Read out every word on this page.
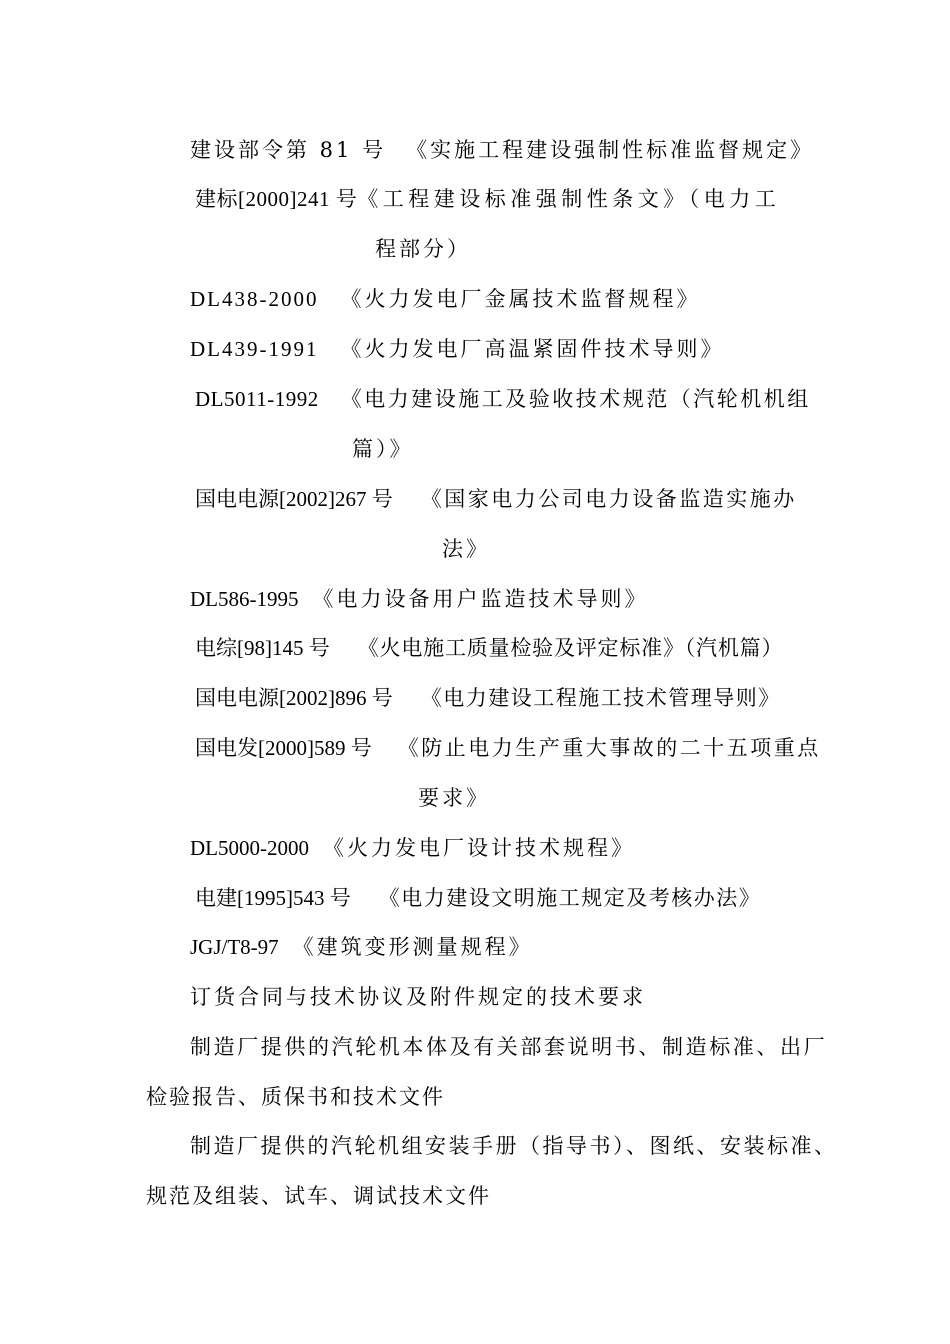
建设部令第 81 号 《实施工程建设强制性标准监督规定》
建标[2000]241 号《工程建设标准强制性条文》（电力工
程部分）
DL438-2000 《火力发电厂金属技术监督规程》
DL439-1991 《火力发电厂高温紧固件技术导则》
DL5011-1992 《电力建设施工及验收技术规范（汽轮机机组
篇）》
国电电源[2002]267 号 《国家电力公司电力设备监造实施办
法》
DL586-1995 《电力设备用户监造技术导则》
电综[98]145 号 《火电施工质量检验及评定标准》（汽机篇）
国电电源[2002]896 号 《电力建设工程施工技术管理导则》
国电发[2000]589 号 《防止电力生产重大事故的二十五项重点
要求》
DL5000-2000 《火力发电厂设计技术规程》
电建[1995]543 号 《电力建设文明施工规定及考核办法》
JGJ/T8-97 《建筑变形测量规程》
订货合同与技术协议及附件规定的技术要求
制造厂提供的汽轮机本体及有关部套说明书、制造标准、出厂
检验报告、质保书和技术文件
制造厂提供的汽轮机组安装手册（指导书）、图纸、安装标准、
规范及组装、试车、调试技术文件
